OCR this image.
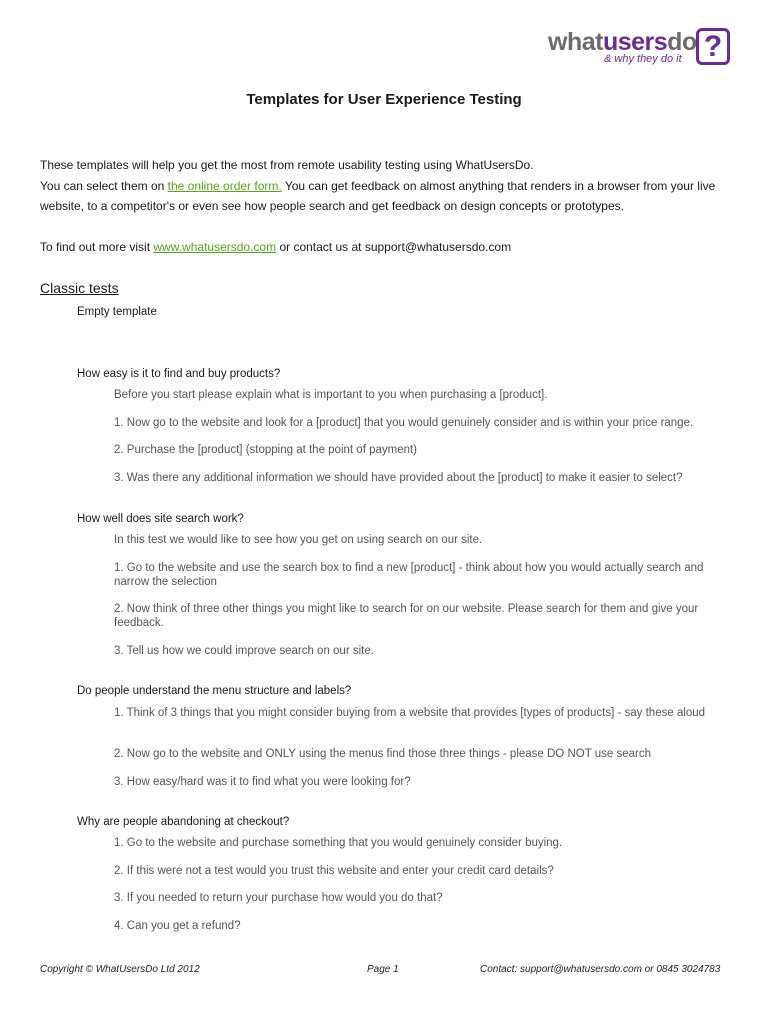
whatusersdo
& why they do it ?
Templates for User Experience Testing
These templates will help you get the most from remote usability testing using WhatUsersDo.
You can select them on the online order form. You can get feedback on almost anything that renders in a browser from your live
website, to a competitor's or even see how people search and get feedback on design concepts or prototypes.
To find out more visit www.whatusersdo.com or contact us at support@whatusersdo.com
Classic tests
Empty template
How easy is it to find and buy products?
Before you start please explain what is important to you when purchasing a [product].
1. Now go to the website and look for a [product] that you would genuinely consider and is within your price range.
2. Purchase the [product] (stopping at the point of payment)
3. Was there any additional information we should have provided about the [product] to make it easier to select?
How well does site search work?
In this test we would like to see how you get on using search on our site.
1. Go to the website and use the search box to find a new [product] - think about how you would actually search and narrow the selection
2. Now think of three other things you might like to search for on our website. Please search for them and give your feedback.
3. Tell us how we could improve search on our site.
Do people understand the menu structure and labels?
1. Think of 3 things that you might consider buying from a website that provides [types of products] - say these aloud
2. Now go to the website and ONLY using the menus find those three things - please DO NOT use search
3. How easy/hard was it to find what you were looking for?
Why are people abandoning at checkout?
1. Go to the website and purchase something that you would genuinely consider buying.
2. If this were not a test would you trust this website and enter your credit card details?
3. If you needed to return your purchase how would you do that?
4. Can you get a refund?
Copyright © WhatUsersDo Ltd 2012	Page 1	Contact: support@whatusersdo.com or 0845 3024783
